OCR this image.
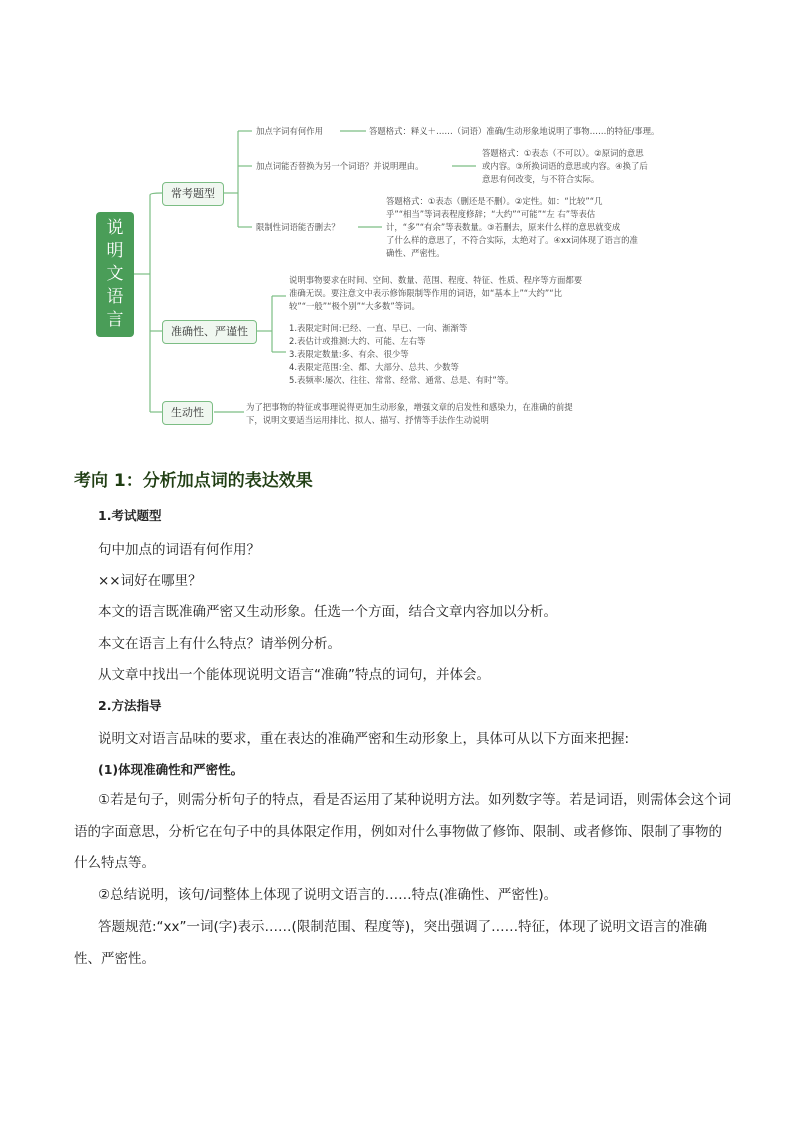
说明文语言
常考题型
准确性、严谨性
生动性
加点字词有何作用	答题格式：释义＋……（词语）准确/生动形象地说明了事物……的特征/事理。
加点词能否替换为另一个词语？并说明理由。
答题格式：①表态（不可以）。②原词的意思
或内容。③所换词语的意思或内容。④换了后
意思有何改变，与不符合实际。
限制性词语能否删去？
答题格式：①表态（删还是不删）。②定性。如：“比较”“几
乎”“相当”等词表程度修辞；“大约”“可能”“左 右”等表估
计，“多”“有余”等表数量。③若删去，原来什么样的意思就变成
了什么样的意思了，不符合实际，太绝对了。④xx词体现了语言的准
确性、严密性。
说明事物要求在时间、空间、数量、范围、程度、特征、性质、程序等方面都要
准确无误。要注意文中表示修饰限制等作用的词语，如“基本上”“大约”“比
较”“一般”“极个别”“大多数”等词。
1.表限定时间:已经、一直、早已、一向、渐渐等
2.表估计或推测:大约、可能、左右等
3.表限定数量:多、有余、很少等
4.表限定范围:全、都、大部分、总共、少数等
5.表频率:屡次、往往、常常、经常、通常、总是、有时”等。
为了把事物的特征或事理说得更加生动形象，增强文章的启发性和感染力，在准确的前提
下，说明文要适当运用排比、拟人、描写、抒情等手法作生动说明
考向 1：分析加点词的表达效果
1.考试题型
句中加点的词语有何作用？
××词好在哪里？
本文的语言既准确严密又生动形象。任选一个方面，结合文章内容加以分析。
本文在语言上有什么特点？请举例分析。
从文章中找出一个能体现说明文语言“准确”特点的词句，并体会。
2.方法指导
说明文对语言品味的要求，重在表达的准确严密和生动形象上，具体可从以下方面来把握:
(1)体现准确性和严密性。
①若是句子，则需分析句子的特点，看是否运用了某种说明方法。如列数字等。若是词语，则需体会这个词语的字面意思，分析它在句子中的具体限定作用，例如对什么事物做了修饰、限制、或者修饰、限制了事物的什么特点等。
②总结说明，该句/词整体上体现了说明文语言的……特点(准确性、严密性)。
答题规范:“xx”一词(字)表示……(限制范围、程度等)，突出强调了……特征，体现了说明文语言的准确性、严密性。
